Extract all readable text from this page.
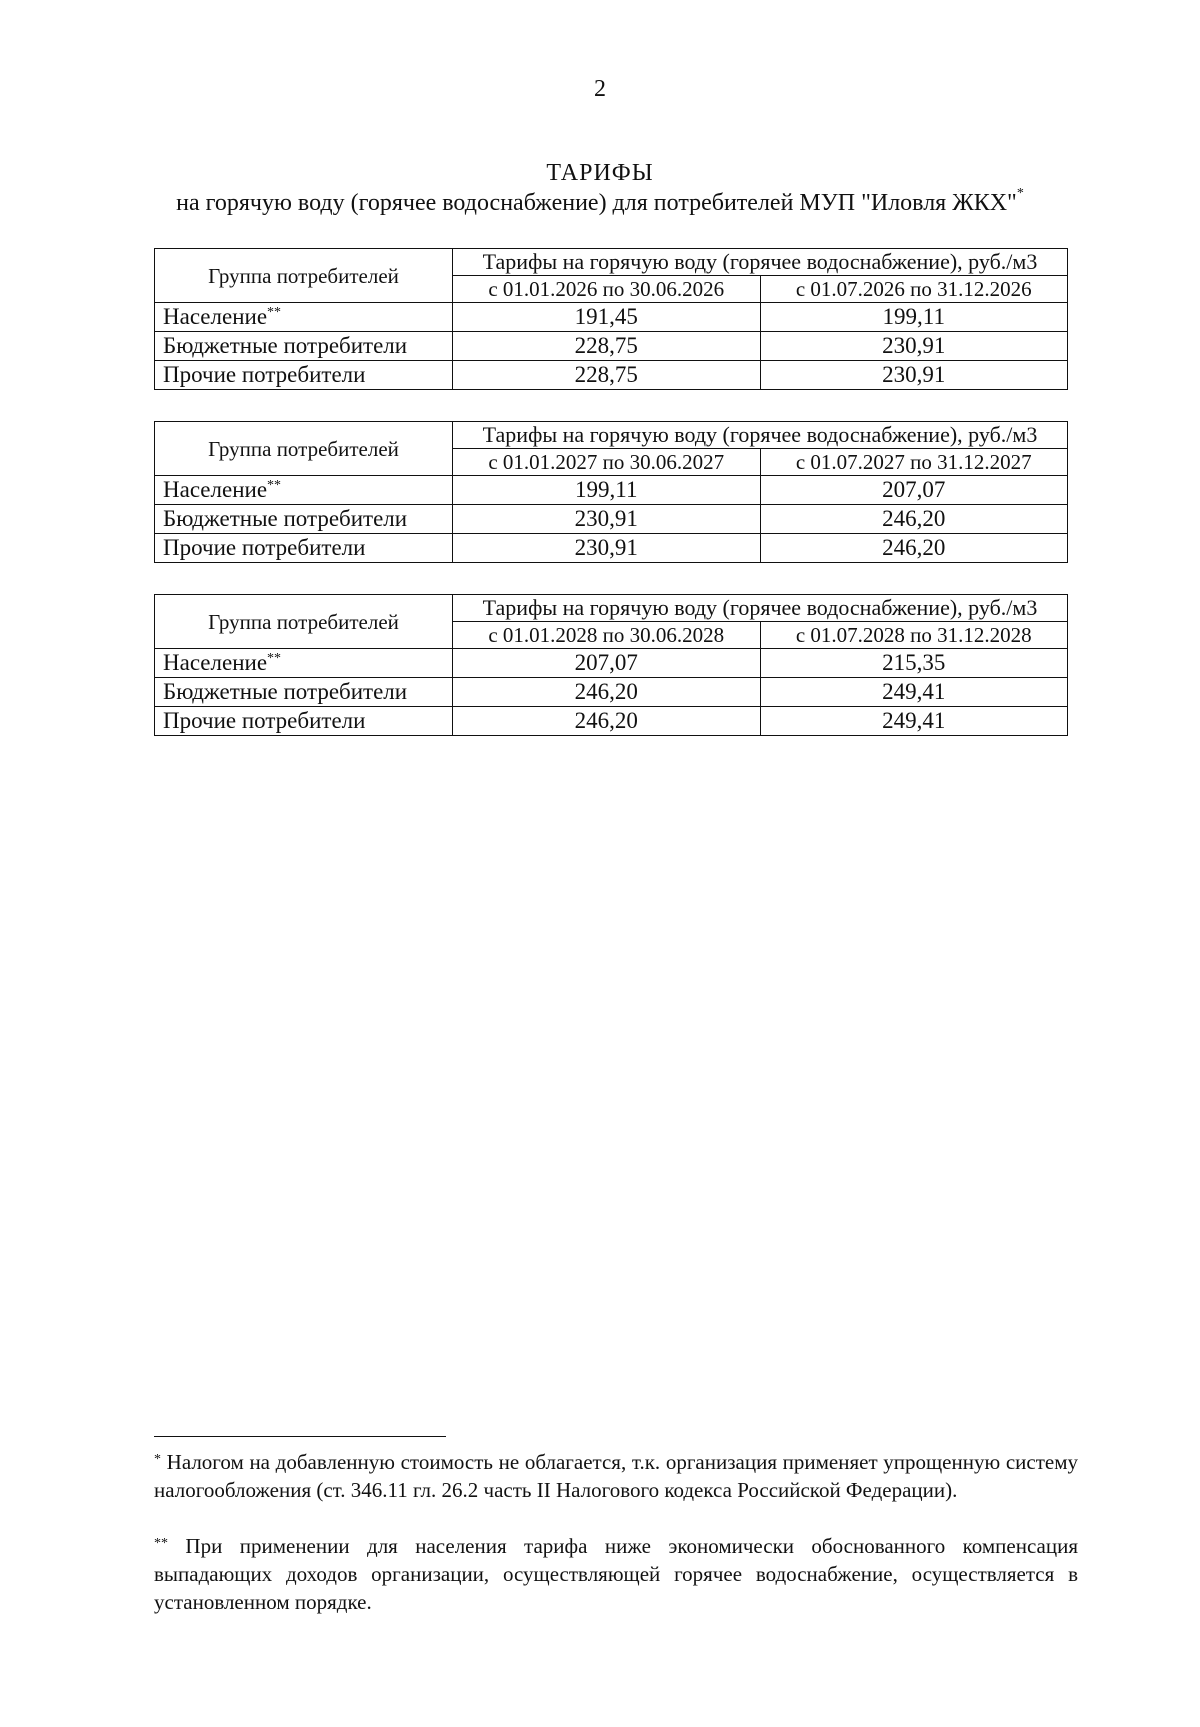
2
ТАРИФЫ
на горячую воду (горячее водоснабжение) для потребителей МУП "Иловля ЖКХ"*
Группа потребителей	Тарифы на горячую воду (горячее водоснабжение), руб./м3	
	с 01.01.2026 по 30.06.2026	с 01.07.2026 по 31.12.2026
Население**	191,45	199,11
Бюджетные потребители	228,75	230,91
Прочие потребители	228,75	230,91
Группа потребителей	Тарифы на горячую воду (горячее водоснабжение), руб./м3	
	с 01.01.2027 по 30.06.2027	с 01.07.2027 по 31.12.2027
Население**	199,11	207,07
Бюджетные потребители	230,91	246,20
Прочие потребители	230,91	246,20
Группа потребителей	Тарифы на горячую воду (горячее водоснабжение), руб./м3	
	с 01.01.2028 по 30.06.2028	с 01.07.2028 по 31.12.2028
Население**	207,07	215,35
Бюджетные потребители	246,20	249,41
Прочие потребители	246,20	249,41
* Налогом на добавленную стоимость не облагается, т.к. организация применяет упрощенную систему налогообложения (ст. 346.11 гл. 26.2 часть II Налогового кодекса Российской Федерации).
** При применении для населения тарифа ниже экономически обоснованного компенсация выпадающих доходов организации, осуществляющей горячее водоснабжение, осуществляется в установленном порядке.
